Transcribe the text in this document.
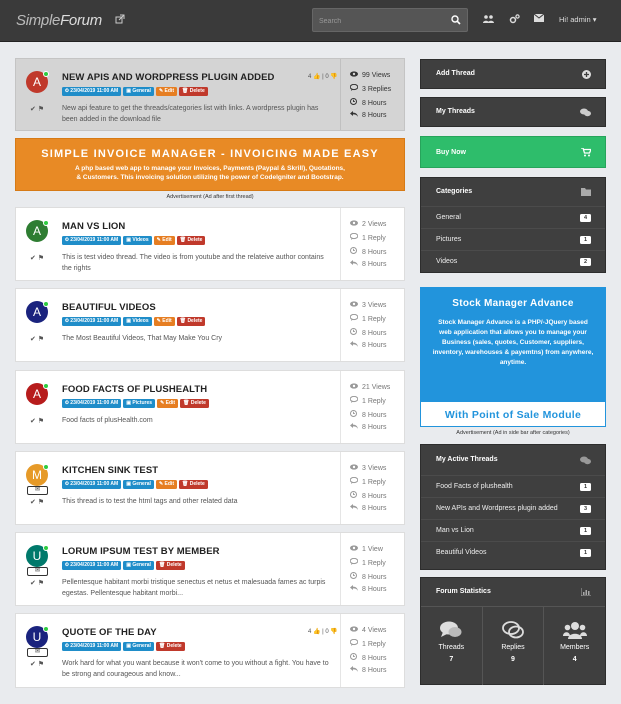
SimpleForum
Search	Hi! admin ▾
A
✔ ⚑
NEW APIS AND WORDPRESS PLUGIN ADDED	4 👍 | 0 👎
⏲ 23/04/2019 11:00 AM	▣ General	✎ Edit	🗑 Delete
New api feature to get the threads/categories list with links. A wordpress plugin has been added in the download file
99 Views
3 Replies
8 Hours
8 Hours
A
✔ ⚑
MAN VS LION
⏲ 23/04/2019 11:00 AM	▣ Videos	✎ Edit	🗑 Delete
This is test video thread. The video is from youtube and the relateive author contains the rights
2 Views
1 Reply
8 Hours
8 Hours
A
✔ ⚑
BEAUTIFUL VIDEOS
⏲ 23/04/2019 11:00 AM	▣ Videos	✎ Edit	🗑 Delete
The Most Beautiful Videos, That May Make You Cry
3 Views
1 Reply
8 Hours
8 Hours
A
✔ ⚑
FOOD FACTS OF PLUSHEALTH
⏲ 23/04/2019 11:00 AM	▣ Pictures	✎ Edit	🗑 Delete
Food facts of plusHealth.com
21 Views
1 Reply
8 Hours
8 Hours
M
✉
✔ ⚑
KITCHEN SINK TEST
⏲ 23/04/2019 11:00 AM	▣ General	✎ Edit	🗑 Delete
This thread is to test the html tags and other related data
3 Views
1 Reply
8 Hours
8 Hours
U
✉
✔ ⚑
LORUM IPSUM TEST BY MEMBER
⏲ 23/04/2019 11:00 AM	▣ General	🗑 Delete
Pellentesque habitant morbi tristique senectus et netus et malesuada fames ac turpis egestas. Pellentesque habitant morbi...
1 View
1 Reply
8 Hours
8 Hours
U
✉
✔ ⚑
QUOTE OF THE DAY	4 👍 | 0 👎
⏲ 23/04/2019 11:00 AM	▣ General	🗑 Delete
Work hard for what you want because it won't come to you without a fight. You have to be strong and courageous and know...
4 Views
1 Reply
8 Hours
8 Hours
SIMPLE INVOICE MANAGER - INVOICING MADE EASY

A php based web app to manage your Invoices, Payments (Paypal & Skrill), Quotations,
& Customers. This invoicing solution utilizing the power of CodeIgniter and Bootstrap.

Advertisement (Ad after first thread)
Add Thread
My Threads
Buy Now
Categories
General	4
Pictures	1
Videos	2
Stock Manager Advance

Stock Manager Advance is a PHP/-JQuery based web application that allows you to manage your Business (sales, quotes, Customer, suppliers, inventory, warehouses & payemtns) from anywhere, anytime.

With Point of Sale Module
Advertisement (Ad in side bar after categories)
My Active Threads
Food Facts of plushealth	1
New APIs and Wordpress plugin added	3
Man vs Lion	1
Beautiful Videos	1
Forum Statistics
Threads
7
Replies
9
Members
4
